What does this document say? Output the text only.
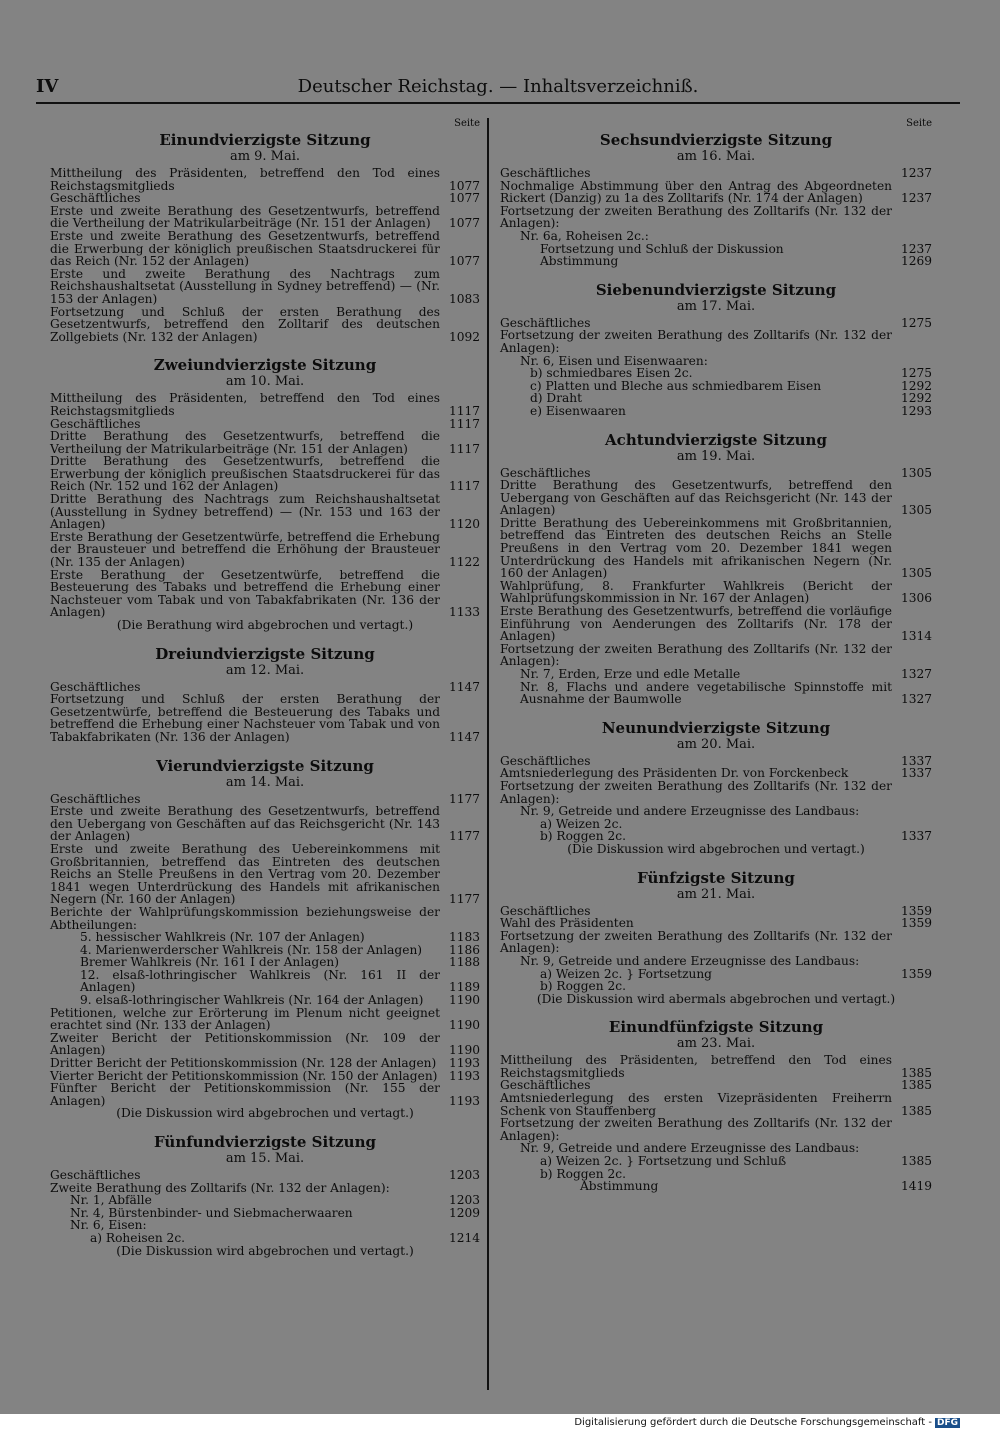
IV	Deutscher Reichstag. — Inhaltsverzeichniß.
Seite
Einundvierzigste Sitzung
am 9. Mai.
Mittheilung des Präsidenten, betreffend den Tod eines Reichstagsmitglieds	1077
Geschäftliches	1077
Erste und zweite Berathung des Gesetzentwurfs, betreffend die Vertheilung der Matrikularbeiträge (Nr. 151 der Anlagen)	1077
Erste und zweite Berathung des Gesetzentwurfs, betreffend die Erwerbung der königlich preußischen Staatsdruckerei für das Reich (Nr. 152 der Anlagen)	1077
Erste und zweite Berathung des Nachtrags zum Reichshaushaltsetat (Ausstellung in Sydney betreffend) — (Nr. 153 der Anlagen)	1083
Fortsetzung und Schluß der ersten Berathung des Gesetzentwurfs, betreffend den Zolltarif des deutschen Zollgebiets (Nr. 132 der Anlagen)	1092
Zweiundvierzigste Sitzung
am 10. Mai.
Mittheilung des Präsidenten, betreffend den Tod eines Reichstagsmitglieds	1117
Geschäftliches	1117
Dritte Berathung des Gesetzentwurfs, betreffend die Vertheilung der Matrikularbeiträge (Nr. 151 der Anlagen)	1117
Dritte Berathung des Gesetzentwurfs, betreffend die Erwerbung der königlich preußischen Staatsdruckerei für das Reich (Nr. 152 und 162 der Anlagen)	1117
Dritte Berathung des Nachtrags zum Reichshaushaltsetat (Ausstellung in Sydney betreffend) — (Nr. 153 und 163 der Anlagen)	1120
Erste Berathung der Gesetzentwürfe, betreffend die Erhebung der Brausteuer und betreffend die Erhöhung der Brausteuer (Nr. 135 der Anlagen)	1122
Erste Berathung der Gesetzentwürfe, betreffend die Besteuerung des Tabaks und betreffend die Erhebung einer Nachsteuer vom Tabak und von Tabakfabrikaten (Nr. 136 der Anlagen)	1133
(Die Berathung wird abgebrochen und vertagt.)
Dreiundvierzigste Sitzung
am 12. Mai.
Geschäftliches	1147
Fortsetzung und Schluß der ersten Berathung der Gesetzentwürfe, betreffend die Besteuerung des Tabaks und betreffend die Erhebung einer Nachsteuer vom Tabak und von Tabakfabrikaten (Nr. 136 der Anlagen)	1147
Vierundvierzigste Sitzung
am 14. Mai.
Geschäftliches	1177
Erste und zweite Berathung des Gesetzentwurfs, betreffend den Uebergang von Geschäften auf das Reichsgericht (Nr. 143 der Anlagen)	1177
Erste und zweite Berathung des Uebereinkommens mit Großbritannien, betreffend das Eintreten des deutschen Reichs an Stelle Preußens in den Vertrag vom 20. Dezember 1841 wegen Unterdrückung des Handels mit afrikanischen Negern (Nr. 160 der Anlagen)	1177
Berichte der Wahlprüfungskommission beziehungsweise der Abtheilungen:
5. hessischer Wahlkreis (Nr. 107 der Anlagen)	1183
4. Marienwerderscher Wahlkreis (Nr. 158 der Anlagen)	1186
Bremer Wahlkreis (Nr. 161 I der Anlagen)	1188
12. elsaß-lothringischer Wahlkreis (Nr. 161 II der Anlagen)	1189
9. elsaß-lothringischer Wahlkreis (Nr. 164 der Anlagen)	1190
Petitionen, welche zur Erörterung im Plenum nicht geeignet erachtet sind (Nr. 133 der Anlagen)	1190
Zweiter Bericht der Petitionskommission (Nr. 109 der Anlagen)	1190
Dritter Bericht der Petitionskommission (Nr. 128 der Anlagen)	1193
Vierter Bericht der Petitionskommission (Nr. 150 der Anlagen) 1193
Fünfter Bericht der Petitionskommission (Nr. 155 der Anlagen)	1193
(Die Diskussion wird abgebrochen und vertagt.)
Fünfundvierzigste Sitzung
am 15. Mai.
Geschäftliches	1203
Zweite Berathung des Zolltarifs (Nr. 132 der Anlagen):
Nr. 1, Abfälle	1203
Nr. 4, Bürstenbinder- und Siebmacherwaaren	1209
Nr. 6, Eisen:
a) Roheisen 2c.	1214
(Die Diskussion wird abgebrochen und vertagt.)
Seite
Sechsundvierzigste Sitzung
am 16. Mai.
Geschäftliches	1237
Nochmalige Abstimmung über den Antrag des Abgeordneten Rickert (Danzig) zu 1a des Zolltarifs (Nr. 174 der Anlagen)	1237
Fortsetzung der zweiten Berathung des Zolltarifs (Nr. 132 der Anlagen):
Nr. 6a, Roheisen 2c.:
Fortsetzung und Schluß der Diskussion	1237
Abstimmung	1269
Siebenundvierzigste Sitzung
am 17. Mai.
Geschäftliches	1275
Fortsetzung der zweiten Berathung des Zolltarifs (Nr. 132 der Anlagen):
Nr. 6, Eisen und Eisenwaaren:
b) schmiedbares Eisen 2c.	1275
c) Platten und Bleche aus schmiedbarem Eisen	1292
d) Draht	1292
e) Eisenwaaren	1293
Achtundvierzigste Sitzung
am 19. Mai.
Geschäftliches	1305
Dritte Berathung des Gesetzentwurfs, betreffend den Uebergang von Geschäften auf das Reichsgericht (Nr. 143 der Anlagen)	1305
Dritte Berathung des Uebereinkommens mit Großbritannien, betreffend das Eintreten des deutschen Reichs an Stelle Preußens in den Vertrag vom 20. Dezember 1841 wegen Unterdrückung des Handels mit afrikanischen Negern (Nr. 160 der Anlagen)	1305
Wahlprüfung, 8. Frankfurter Wahlkreis (Bericht der Wahlprüfungskommission in Nr. 167 der Anlagen)	1306
Erste Berathung des Gesetzentwurfs, betreffend die vorläufige Einführung von Aenderungen des Zolltarifs (Nr. 178 der Anlagen)	1314
Fortsetzung der zweiten Berathung des Zolltarifs (Nr. 132 der Anlagen):
Nr. 7, Erden, Erze und edle Metalle	1327
Nr. 8, Flachs und andere vegetabilische Spinnstoffe mit Ausnahme der Baumwolle	1327
Neunundvierzigste Sitzung
am 20. Mai.
Geschäftliches	1337
Amtsniederlegung des Präsidenten Dr. von Forckenbeck	1337
Fortsetzung der zweiten Berathung des Zolltarifs (Nr. 132 der Anlagen):
Nr. 9, Getreide und andere Erzeugnisse des Landbaus:
a) Weizen 2c.
b) Roggen 2c.	1337
(Die Diskussion wird abgebrochen und vertagt.)
Fünfzigste Sitzung
am 21. Mai.
Geschäftliches	1359
Wahl des Präsidenten	1359
Fortsetzung der zweiten Berathung des Zolltarifs (Nr. 132 der Anlagen):
Nr. 9, Getreide und andere Erzeugnisse des Landbaus:
a) Weizen 2c. } Fortsetzung	1359
b) Roggen 2c.
(Die Diskussion wird abermals abgebrochen und vertagt.)
Einundfünfzigste Sitzung
am 23. Mai.
Mittheilung des Präsidenten, betreffend den Tod eines Reichstagsmitglieds	1385
Geschäftliches	1385
Amtsniederlegung des ersten Vizepräsidenten Freiherrn Schenk von Stauffenberg	1385
Fortsetzung der zweiten Berathung des Zolltarifs (Nr. 132 der Anlagen):
Nr. 9, Getreide und andere Erzeugnisse des Landbaus:
a) Weizen 2c. } Fortsetzung und Schluß	1385
b) Roggen 2c.
Abstimmung	1419
Digitalisierung gefördert durch die Deutsche Forschungsgemeinschaft - DFG
